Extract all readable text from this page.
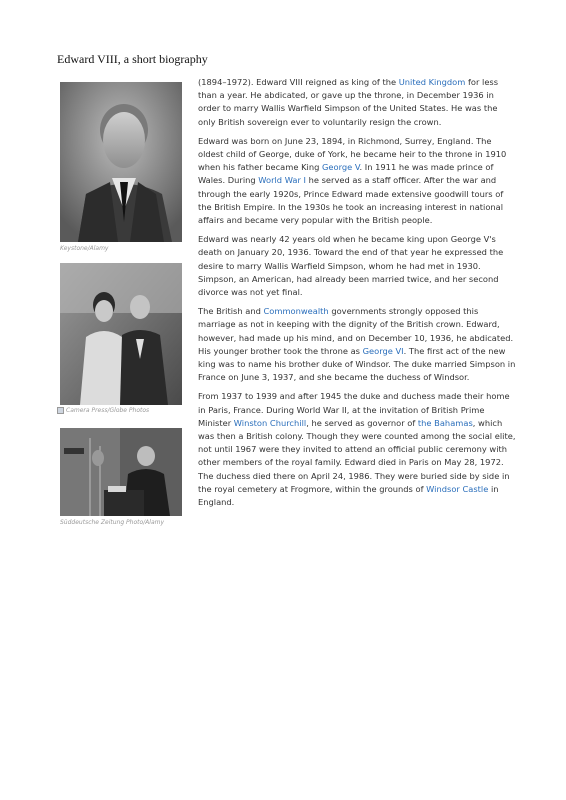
Edward VIII, a short biography
Keystone/Alamy
Camera Press/Globe Photos
Süddeutsche Zeitung Photo/Alamy

(1894–1972). Edward VIII reigned as king of the United Kingdom for less than a year. He abdicated, or gave up the throne, in December 1936 in order to marry Wallis Warfield Simpson of the United States. He was the only British sovereign ever to voluntarily resign the crown.

Edward was born on June 23, 1894, in Richmond, Surrey, England. The oldest child of George, duke of York, he became heir to the throne in 1910 when his father became King George V. In 1911 he was made prince of Wales. During World War I he served as a staff officer. After the war and through the early 1920s, Prince Edward made extensive goodwill tours of the British Empire. In the 1930s he took an increasing interest in national affairs and became very popular with the British people.

Edward was nearly 42 years old when he became king upon George V's death on January 20, 1936. Toward the end of that year he expressed the desire to marry Wallis Warfield Simpson, whom he had met in 1930. Simpson, an American, had already been married twice, and her second divorce was not yet final.

The British and Commonwealth governments strongly opposed this marriage as not in keeping with the dignity of the British crown. Edward, however, had made up his mind, and on December 10, 1936, he abdicated. His younger brother took the throne as George VI. The first act of the new king was to name his brother duke of Windsor. The duke married Simpson in France on June 3, 1937, and she became the duchess of Windsor.

From 1937 to 1939 and after 1945 the duke and duchess made their home in Paris, France. During World War II, at the invitation of British Prime Minister Winston Churchill, he served as governor of the Bahamas, which was then a British colony. Though they were counted among the social elite, not until 1967 were they invited to attend an official public ceremony with other members of the royal family. Edward died in Paris on May 28, 1972. The duchess died there on April 24, 1986. They were buried side by side in the royal cemetery at Frogmore, within the grounds of Windsor Castle in England.
